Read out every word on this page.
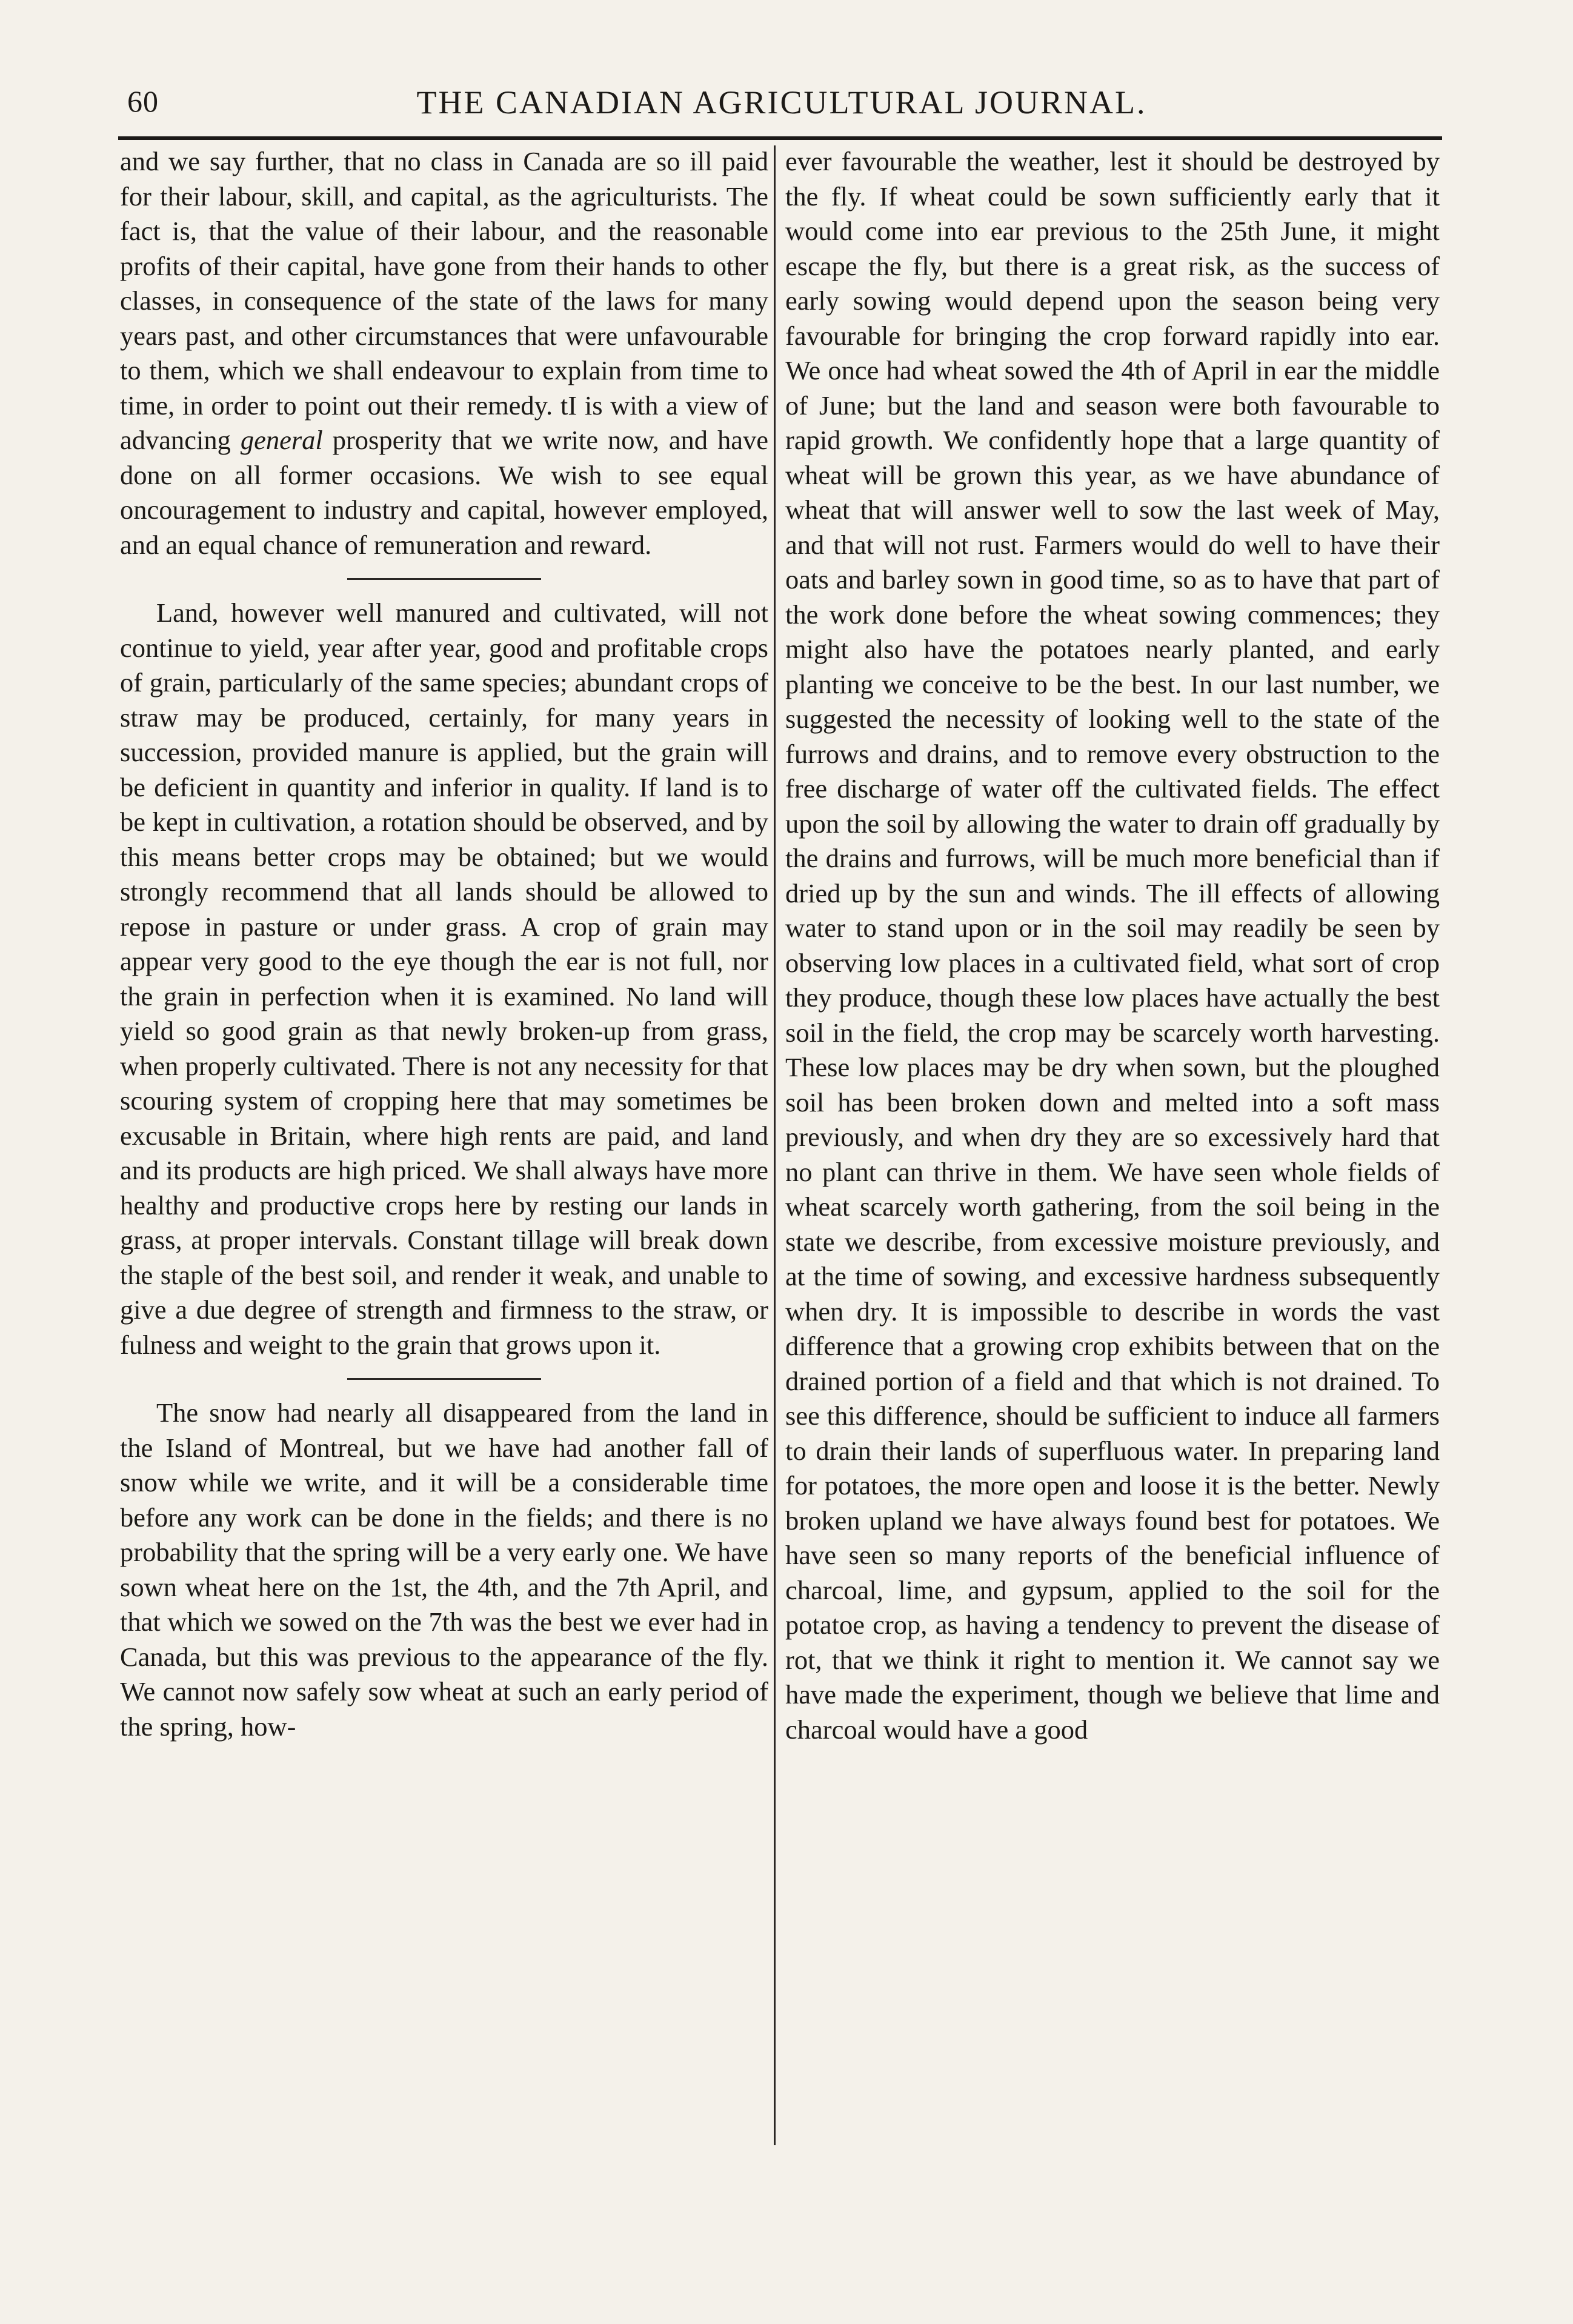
60	THE CANADIAN AGRICULTURAL JOURNAL.

and we say further, that no class in Canada are so ill paid for their labour, skill, and capital, as the agriculturists. The fact is, that the value of their labour, and the reasonable profits of their capital, have gone from their hands to other classes, in consequence of the state of the laws for many years past, and other circumstances that were unfavourable to them, which we shall endeavour to explain from time to time, in order to point out their remedy. tI is with a view of advancing general prosperity that we write now, and have done on all former occasions. We wish to see equal oncouragement to industry and capital, however employed, and an equal chance of remuneration and reward.

Land, however well manured and cultivated, will not continue to yield, year after year, good and profitable crops of grain, particularly of the same species; abundant crops of straw may be produced, certainly, for many years in succession, provided manure is applied, but the grain will be deficient in quantity and inferior in quality. If land is to be kept in cultivation, a rotation should be observed, and by this means better crops may be obtained; but we would strongly recommend that all lands should be allowed to repose in pasture or under grass. A crop of grain may appear very good to the eye though the ear is not full, nor the grain in perfection when it is examined. No land will yield so good grain as that newly broken-up from grass, when properly cultivated. There is not any necessity for that scouring system of cropping here that may sometimes be excusable in Britain, where high rents are paid, and land and its products are high priced. We shall always have more healthy and productive crops here by resting our lands in grass, at proper intervals. Constant tillage will break down the staple of the best soil, and render it weak, and unable to give a due degree of strength and firmness to the straw, or fulness and weight to the grain that grows upon it.

The snow had nearly all disappeared from the land in the Island of Montreal, but we have had another fall of snow while we write, and it will be a considerable time before any work can be done in the fields; and there is no probability that the spring will be a very early one. We have sown wheat here on the 1st, the 4th, and the 7th April, and that which we sowed on the 7th was the best we ever had in Canada, but this was previous to the appearance of the fly. We cannot now safely sow wheat at such an early period of the spring, how-

ever favourable the weather, lest it should be destroyed by the fly. If wheat could be sown sufficiently early that it would come into ear previous to the 25th June, it might escape the fly, but there is a great risk, as the success of early sowing would depend upon the season being very favourable for bringing the crop forward rapidly into ear. We once had wheat sowed the 4th of April in ear the middle of June; but the land and season were both favourable to rapid growth. We confidently hope that a large quantity of wheat will be grown this year, as we have abundance of wheat that will answer well to sow the last week of May, and that will not rust. Farmers would do well to have their oats and barley sown in good time, so as to have that part of the work done before the wheat sowing commences; they might also have the potatoes nearly planted, and early planting we conceive to be the best. In our last number, we suggested the necessity of looking well to the state of the furrows and drains, and to remove every obstruction to the free discharge of water off the cultivated fields. The effect upon the soil by allowing the water to drain off gradually by the drains and furrows, will be much more beneficial than if dried up by the sun and winds. The ill effects of allowing water to stand upon or in the soil may readily be seen by observing low places in a cultivated field, what sort of crop they produce, though these low places have actually the best soil in the field, the crop may be scarcely worth harvesting. These low places may be dry when sown, but the ploughed soil has been broken down and melted into a soft mass previously, and when dry they are so excessively hard that no plant can thrive in them. We have seen whole fields of wheat scarcely worth gathering, from the soil being in the state we describe, from excessive moisture previously, and at the time of sowing, and excessive hardness subsequently when dry. It is impossible to describe in words the vast difference that a growing crop exhibits between that on the drained portion of a field and that which is not drained. To see this difference, should be sufficient to induce all farmers to drain their lands of superfluous water. In preparing land for potatoes, the more open and loose it is the better. Newly broken upland we have always found best for potatoes. We have seen so many reports of the beneficial influence of charcoal, lime, and gypsum, applied to the soil for the potatoe crop, as having a tendency to prevent the disease of rot, that we think it right to mention it. We cannot say we have made the experiment, though we believe that lime and charcoal would have a good
